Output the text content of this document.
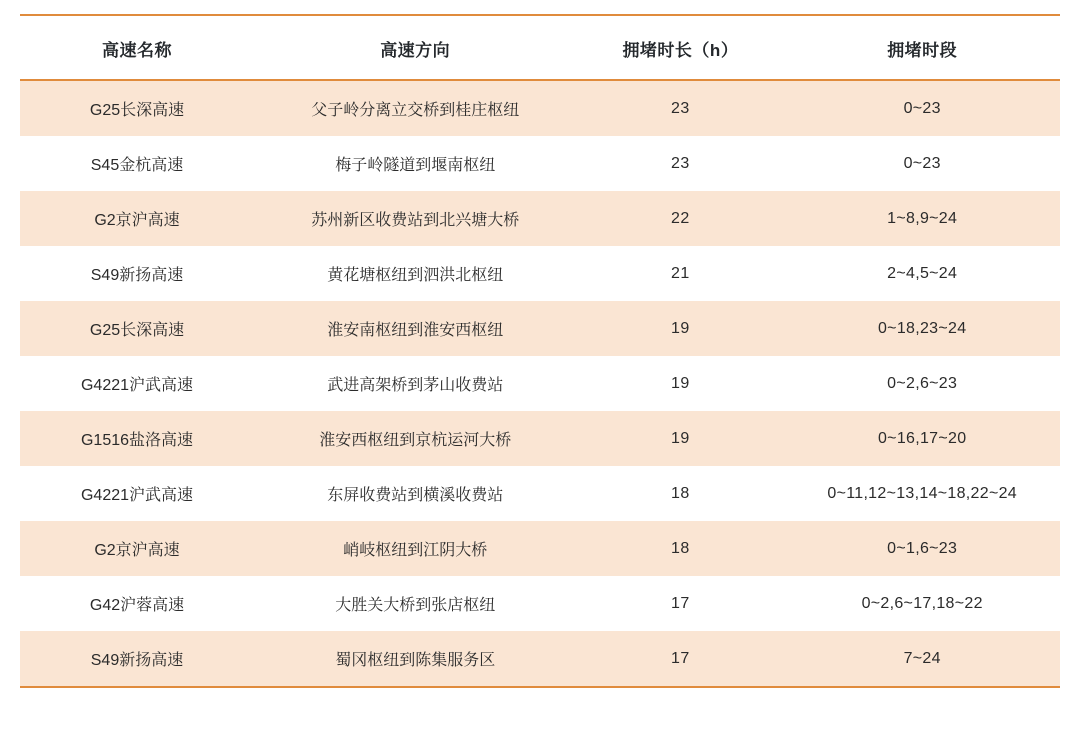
高速名称	高速方向	拥堵时长（h）	拥堵时段
G25长深高速	父子岭分离立交桥到桂庄枢纽	23	0~23
S45金杭高速	梅子岭隧道到堰南枢纽	23	0~23
G2京沪高速	苏州新区收费站到北兴塘大桥	22	1~8,9~24
S49新扬高速	黄花塘枢纽到泗洪北枢纽	21	2~4,5~24
G25长深高速	淮安南枢纽到淮安西枢纽	19	0~18,23~24
G4221沪武高速	武进高架桥到茅山收费站	19	0~2,6~23
G1516盐洛高速	淮安西枢纽到京杭运河大桥	19	0~16,17~20
G4221沪武高速	东屏收费站到横溪收费站	18	0~11,12~13,14~18,22~24
G2京沪高速	峭岐枢纽到江阴大桥	18	0~1,6~23
G42沪蓉高速	大胜关大桥到张店枢纽	17	0~2,6~17,18~22
S49新扬高速	蜀冈枢纽到陈集服务区	17	7~24
